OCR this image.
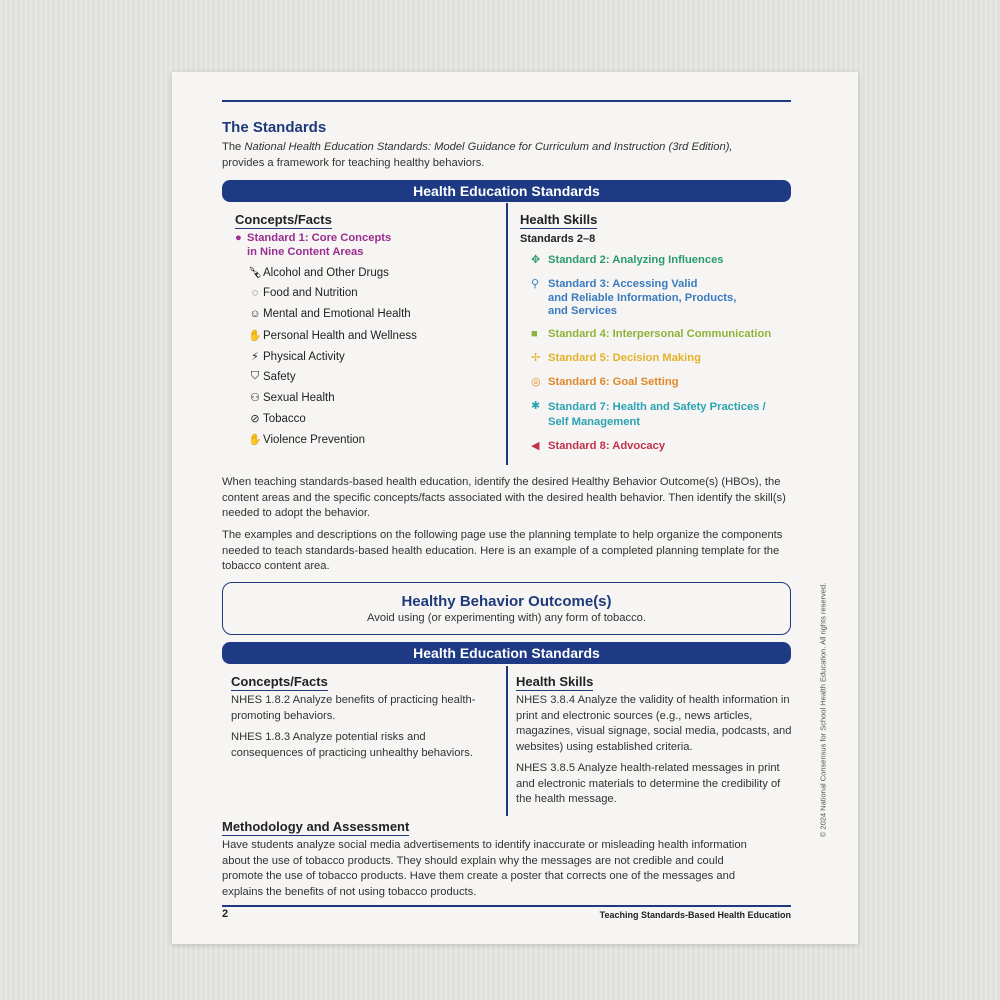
The Standards
The National Health Education Standards: Model Guidance for Curriculum and Instruction (3rd Edition), provides a framework for teaching healthy behaviors.
Health Education Standards
Concepts/Facts
● Standard 1: Core Concepts
in Nine Content Areas
🍾︎ Alcohol and Other Drugs
◌ Food and Nutrition
☺ Mental and Emotional Health
✋ Personal Health and Wellness
⚡ Physical Activity
⛉ Safety
⚇ Sexual Health
⊘ Tobacco
✋ Violence Prevention
Health Skills
Standards 2–8
✥ Standard 2: Analyzing Influences
⚲ Standard 3: Accessing Valid
and Reliable Information, Products,
and Services
■ Standard 4: Interpersonal Communication
✢ Standard 5: Decision Making
◎ Standard 6: Goal Setting
✱ Standard 7: Health and Safety Practices /
Self Management
◀ Standard 8: Advocacy
When teaching standards-based health education, identify the desired Healthy Behavior Outcome(s) (HBOs), the content areas and the specific concepts/facts associated with the desired health behavior. Then identify the skill(s) needed to adopt the behavior.
The examples and descriptions on the following page use the planning template to help organize the components needed to teach standards-based health education. Here is an example of a completed planning template for the tobacco content area.
Healthy Behavior Outcome(s)
Avoid using (or experimenting with) any form of tobacco.
Health Education Standards
Concepts/Facts
NHES 1.8.2 Analyze benefits of practicing health-promoting behaviors.
NHES 1.8.3 Analyze potential risks and consequences of practicing unhealthy behaviors.
Health Skills
NHES 3.8.4 Analyze the validity of health information in print and electronic sources (e.g., news articles, magazines, visual signage, social media, podcasts, and websites) using established criteria.
NHES 3.8.5 Analyze health-related messages in print and electronic materials to determine the credibility of the health message.
Methodology and Assessment
Have students analyze social media advertisements to identify inaccurate or misleading health information about the use of tobacco products. They should explain why the messages are not credible and could promote the use of tobacco products. Have them create a poster that corrects one of the messages and explains the benefits of not using tobacco products.
2	Teaching Standards-Based Health Education
© 2024 National Consensus for School Health Education. All rights reserved.
